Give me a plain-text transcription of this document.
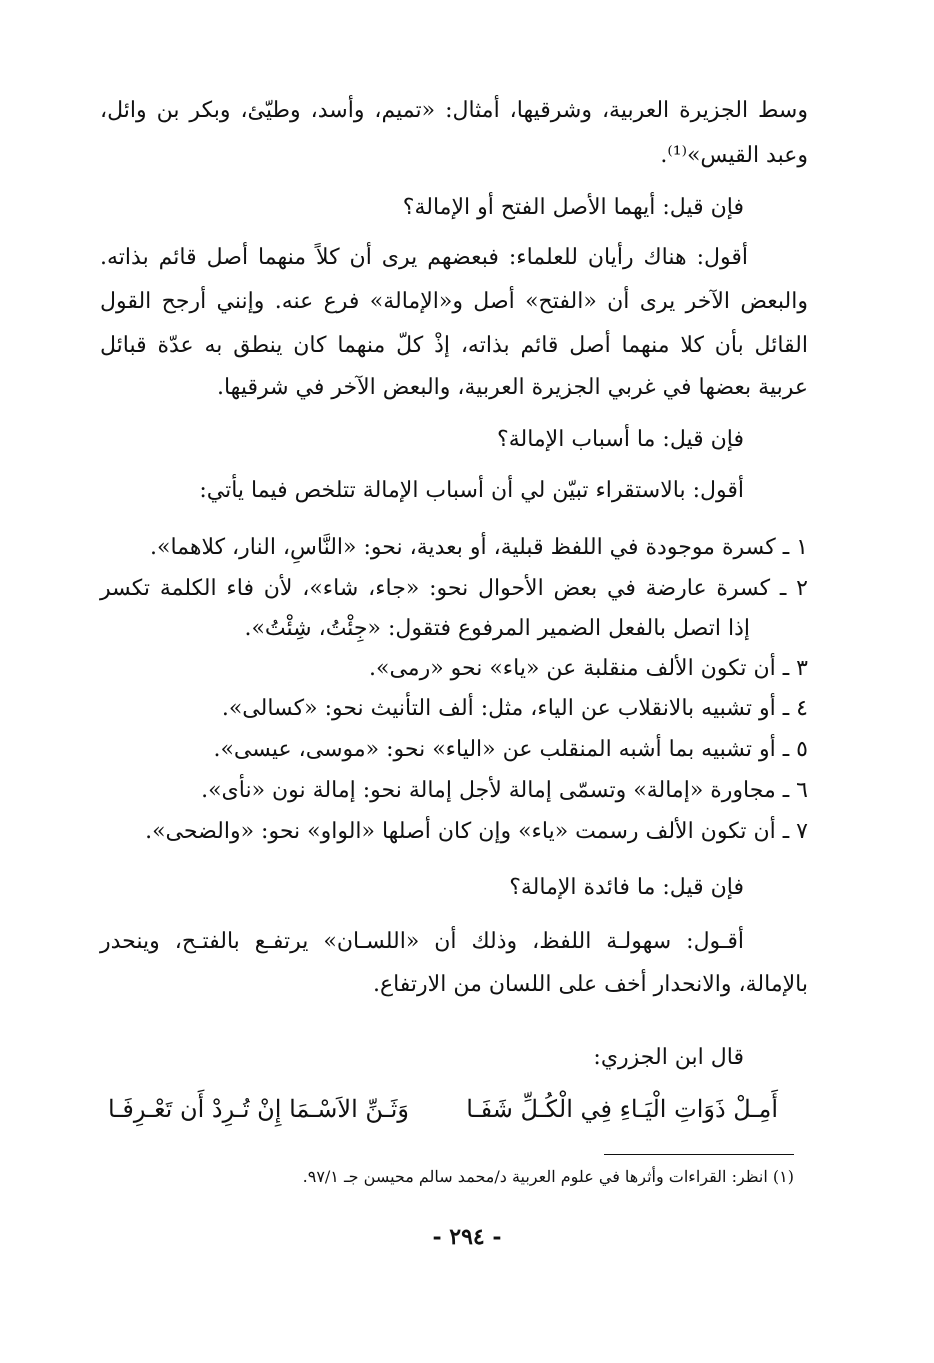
وسط الجزيرة العربية، وشرقيها، أمثال: «تميم، وأسد، وطيّئ، وبكر بن وائل،
وعبد القيس»⁽¹⁾.
فإن قيل: أيهما الأصل الفتح أو الإمالة؟
أقول: هناك رأيان للعلماء: فبعضهم يرى أن كلاً منهما أصل قائم بذاته.
والبعض الآخر يرى أن «الفتح» أصل و«الإمالة» فرع عنه. وإنني أرجح القول
القائل بأن كلا منهما أصل قائم بذاته، إذْ كلّ منهما كان ينطق به عدّة قبائل
عربية بعضها في غربي الجزيرة العربية، والبعض الآخر في شرقيها.
فإن قيل: ما أسباب الإمالة؟
أقول: بالاستقراء تبيّن لي أن أسباب الإمالة تتلخص فيما يأتي:
١ ـ كسرة موجودة في اللفظ قبلية، أو بعدية، نحو: «النَّاسِ، النار، كلاهما».
٢ ـ كسرة عارضة في بعض الأحوال نحو: «جاء، شاء»، لأن فاء الكلمة تكسر
إذا اتصل بالفعل الضمير المرفوع فتقول: «جِئْتُ، شِئْتُ».
٣ ـ أن تكون الألف منقلبة عن «ياء» نحو «رمى».
٤ ـ أو تشبيه بالانقلاب عن الياء، مثل: ألف التأنيث نحو: «كسالى».
٥ ـ أو تشبيه بما أشبه المنقلب عن «الياء» نحو: «موسى، عيسى».
٦ ـ مجاورة «إمالة» وتسمّى إمالة لأجل إمالة نحو: إمالة نون «نأى».
٧ ـ أن تكون الألف رسمت «ياء» وإن كان أصلها «الواو» نحو: «والضحى».
فإن قيل: ما فائدة الإمالة؟
أقـول: سهولـة اللفظ، وذلك أن «اللسـان» يرتفـع بالفتـح، وينحدر
بالإمالة، والانحدار أخف على اللسان من الارتفاع.
قال ابن الجزري:
أَمِـلْ ذَوَاتِ الْيَـاءِ فِي الْكُـلِّ شَفَـا
وَثَـنِّ الاَسْـمَا إِنْ تُـرِدْ أَن تَعْـرِفَـا
(١) انظر: القراءات وأثرها في علوم العربية د/محمد سالم محيسن جـ ٩٧/١.
- ٢٩٤ -
